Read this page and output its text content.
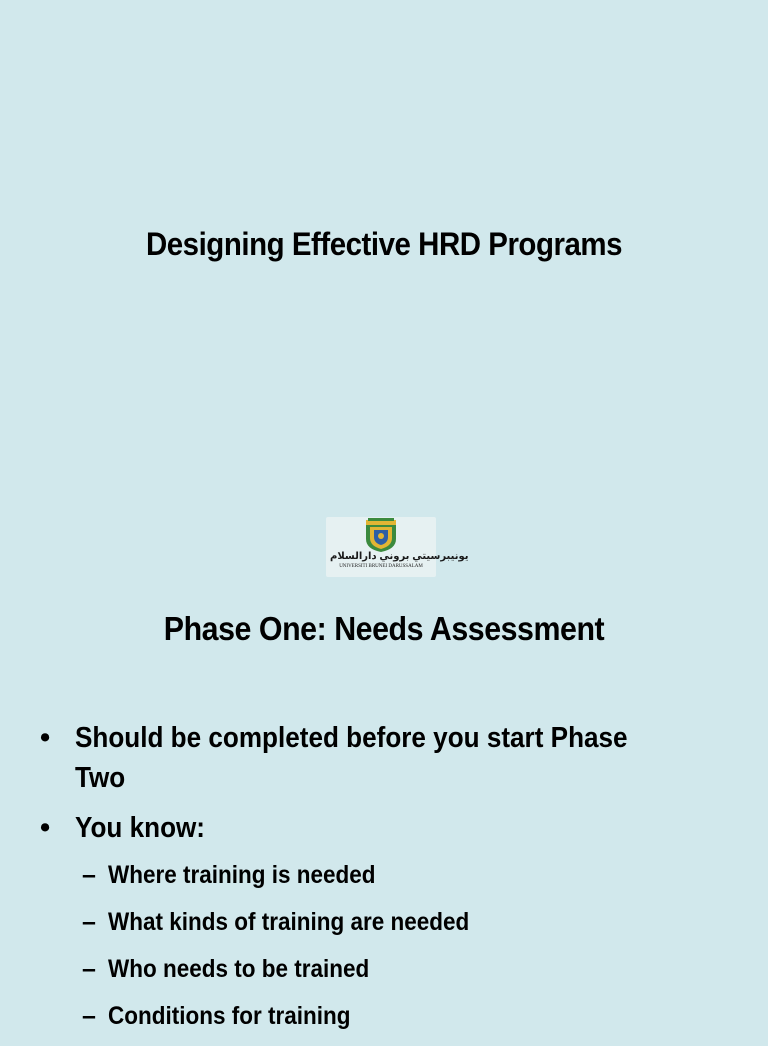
Designing Effective HRD Programs
يونيبرسيتي بروني دارالسلام
UNIVERSITI BRUNEI DARUSSALAM
Phase One: Needs Assessment
• Should be completed before you start Phase Two
• You know:
– Where training is needed
– What kinds of training are needed
– Who needs to be trained
– Conditions for training
